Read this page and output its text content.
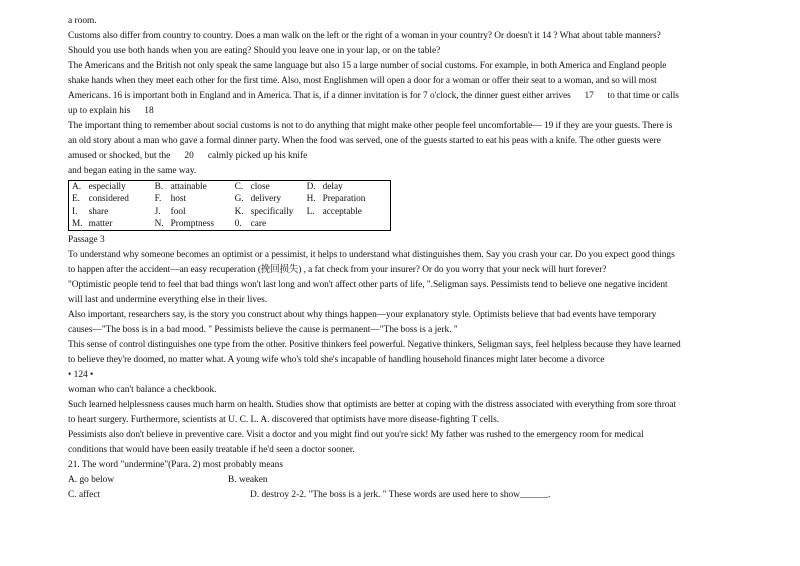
a room.

Customs also differ from country to country. Does a man walk on the left or the right of a woman in your country? Or doesn't it 14 ? What about table manners?

Should you use both hands when you are eating? Should you leave one in your lap, or on the table?

The Americans and the British not only speak the same language but also 15 a large number of social customs. For example, in both America and England people

shake hands when they meet each other for the first time. Also, most Englishmen will open a door for a woman or offer their seat to a woman, and so will most

Americans. 16 is important both in England and in America. That is, if a dinner invitation is for 7 o'clock, the dinner guest either arrives      17      to that time or calls

up to explain his      18

The important thing to remember about social customs is not to do anything that might make other people feel uncomfortable— 19 if they are your guests. There is

an old story about a man who gave a formal dinner party. When the food was served, one of the guests started to eat his peas with a knife. The other guests were

amused or shocked, but the      20      calmly picked up his knife

and began eating in the same way.

A.	especially	B.	attainable	C.	close	D.	delay
E.	considered	F.	host	G.	delivery	H.	Preparation
I.	share	J.	fool	K.	specifically	L.	acceptable
M.	matter	N.	Promptness	0.	care		

Passage 3

To understand why someone becomes an optimist or a pessimist, it helps to understand what distinguishes them. Say you crash your car. Do you expect good things

to happen after the accident—an easy recuperation (挽回损失) , a fat check from your insurer? Or do you worry that your neck will hurt forever?

"Optimistic people tend to feel that bad things won't last long and won't affect other parts of life, ".Seligman says. Pessimists tend to believe one negative incident

will last and undermine everything else in their lives.

Also important, researchers say, is the story you construct about why things happen—your explanatory style. Optimists believe that bad events have temporary

causes—"The boss is in a bad mood. " Pessimists believe the cause is permanent—"The boss is a jerk. "

This sense of control distinguishes one type from the other. Positive thinkers feel powerful. Negative thinkers, Seligman says, feel helpless because they have learned

to believe they're doomed, no matter what. A young wife who's told she's incapable of handling household finances might later become a divorce

• 124 •

woman who can't balance a checkbook.

Such learned helplessness causes much harm on health. Studies show that optimists are better at coping with the distress associated with everything from sore throat

to heart surgery. Furthermore, scientists at U. C. L. A. discovered that optimists have more disease-fighting T cells.

Pessimists also don't believe in preventive care. Visit a doctor and you might find out you're sick! My father was rushed to the emergency room for medical

conditions that would have been easily treatable if he'd seen a doctor sooner.

21. The word "undermine"(Para. 2) most probably means

A. go below	B. weaken
C. affect	D. destroy 2-2. "The boss is a jerk. " These words are used here to show______.
